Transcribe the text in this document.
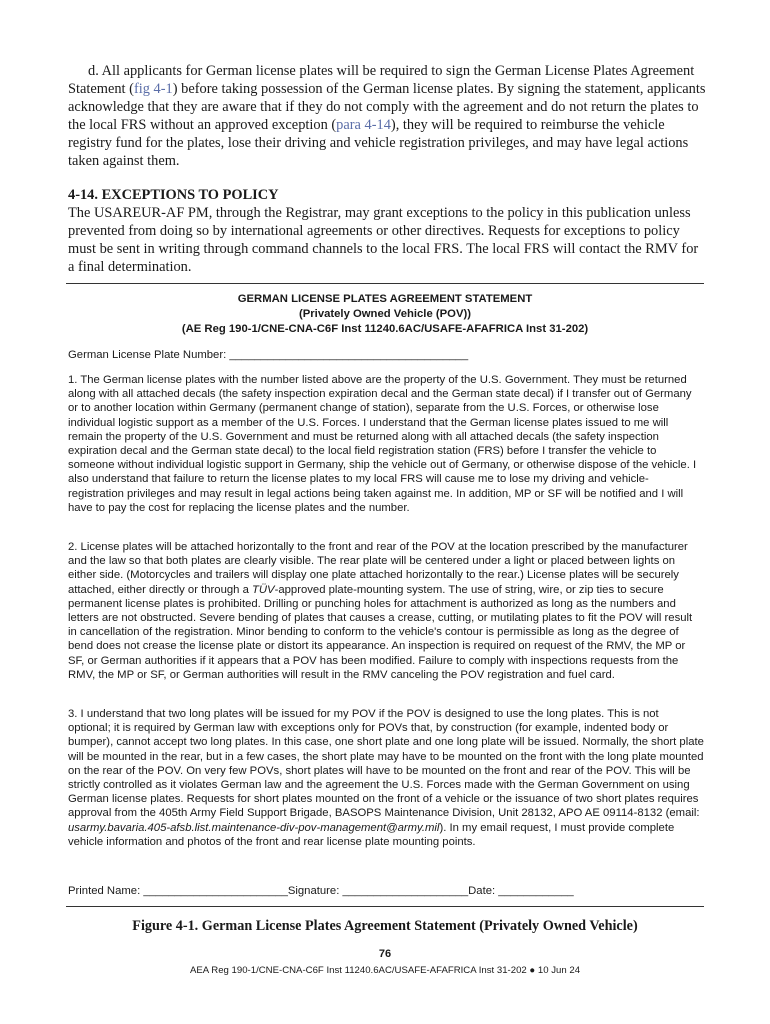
d. All applicants for German license plates will be required to sign the German License Plates Agreement Statement (fig 4-1) before taking possession of the German license plates. By signing the statement, applicants acknowledge that they are aware that if they do not comply with the agreement and do not return the plates to the local FRS without an approved exception (para 4-14), they will be required to reimburse the vehicle registry fund for the plates, lose their driving and vehicle registration privileges, and may have legal actions taken against them.

4-14. EXCEPTIONS TO POLICY

The USAREUR-AF PM, through the Registrar, may grant exceptions to the policy in this publication unless prevented from doing so by international agreements or other directives. Requests for exceptions to policy must be sent in writing through command channels to the local FRS. The local FRS will contact the RMV for a final determination.

GERMAN LICENSE PLATES AGREEMENT STATEMENT
(Privately Owned Vehicle (POV))
(AE Reg 190-1/CNE-CNA-C6F Inst 11240.6AC/USAFE-AFAFRICA Inst 31-202)
German License Plate Number: ______________________________________

1. The German license plates with the number listed above are the property of the U.S. Government. They must be returned along with all attached decals (the safety inspection expiration decal and the German state decal) if I transfer out of Germany or to another location within Germany (permanent change of station), separate from the U.S. Forces, or otherwise lose individual logistic support as a member of the U.S. Forces. I understand that the German license plates issued to me will remain the property of the U.S. Government and must be returned along with all attached decals (the safety inspection expiration decal and the German state decal) to the local field registration station (FRS) before I transfer the vehicle to someone without individual logistic support in Germany, ship the vehicle out of Germany, or otherwise dispose of the vehicle. I also understand that failure to return the license plates to my local FRS will cause me to lose my driving and vehicle-registration privileges and may result in legal actions being taken against me. In addition, MP or SF will be notified and I will have to pay the cost for replacing the license plates and the number.

2. License plates will be attached horizontally to the front and rear of the POV at the location prescribed by the manufacturer and the law so that both plates are clearly visible. The rear plate will be centered under a light or placed between lights on either side. (Motorcycles and trailers will display one plate attached horizontally to the rear.) License plates will be securely attached, either directly or through a TÜV-approved plate-mounting system. The use of string, wire, or zip ties to secure permanent license plates is prohibited. Drilling or punching holes for attachment is authorized as long as the numbers and letters are not obstructed. Severe bending of plates that causes a crease, cutting, or mutilating plates to fit the POV will result in cancellation of the registration. Minor bending to conform to the vehicle's contour is permissible as long as the degree of bend does not crease the license plate or distort its appearance. An inspection is required on request of the RMV, the MP or SF, or German authorities if it appears that a POV has been modified. Failure to comply with inspections requests from the RMV, the MP or SF, or German authorities will result in the RMV canceling the POV registration and fuel card.

3. I understand that two long plates will be issued for my POV if the POV is designed to use the long plates. This is not optional; it is required by German law with exceptions only for POVs that, by construction (for example, indented body or bumper), cannot accept two long plates. In this case, one short plate and one long plate will be issued. Normally, the short plate will be mounted in the rear, but in a few cases, the short plate may have to be mounted on the front with the long plate mounted on the rear of the POV. On very few POVs, short plates will have to be mounted on the front and rear of the POV. This will be strictly controlled as it violates German law and the agreement the U.S. Forces made with the German Government on using German license plates. Requests for short plates mounted on the front of a vehicle or the issuance of two short plates requires approval from the 405th Army Field Support Brigade, BASOPS Maintenance Division, Unit 28132, APO AE 09114-8132 (email: usarmy.bavaria.405-afsb.list.maintenance-div-pov-management@army.mil). In my email request, I must provide complete vehicle information and photos of the front and rear license plate mounting points.

Printed Name: _______________________Signature: ____________________Date: ____________
Figure 4-1. German License Plates Agreement Statement (Privately Owned Vehicle)
76
AEA Reg 190-1/CNE-CNA-C6F Inst 11240.6AC/USAFE-AFAFRICA Inst 31-202 ● 10 Jun 24
